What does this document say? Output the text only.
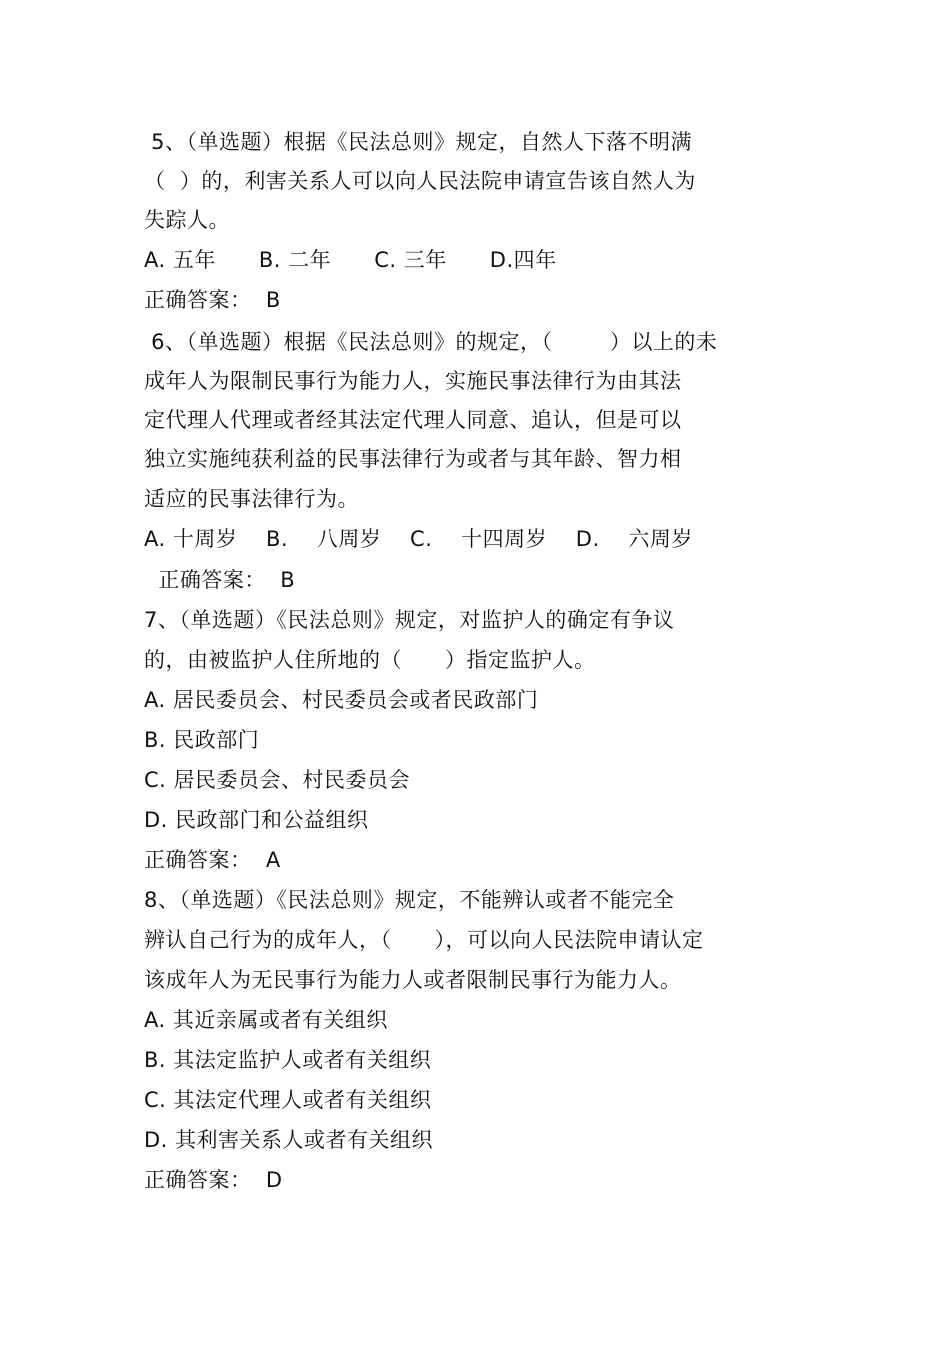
5、（单选题）根据《民法总则》规定，自然人下落不明满
（  ）的，利害关系人可以向人民法院申请宣告该自然人为
失踪人。
A. 五年      B. 二年      C. 三年      D.四年
正确答案：  B
6、（单选题）根据《民法总则》的规定，（        ）以上的未
成年人为限制民事行为能力人，实施民事法律行为由其法
定代理人代理或者经其法定代理人同意、追认，但是可以
独立实施纯获利益的民事法律行为或者与其年龄、智力相
适应的民事法律行为。
A. 十周岁    B.    八周岁    C.    十四周岁    D.    六周岁
正确答案：  B
7、（单选题）《民法总则》规定，对监护人的确定有争议
的，由被监护人住所地的（      ）指定监护人。
A. 居民委员会、村民委员会或者民政部门
B. 民政部门
C. 居民委员会、村民委员会
D. 民政部门和公益组织
正确答案：  A
8、（单选题）《民法总则》规定，不能辨认或者不能完全
辨认自己行为的成年人，（      ），可以向人民法院申请认定
该成年人为无民事行为能力人或者限制民事行为能力人。
A. 其近亲属或者有关组织
B. 其法定监护人或者有关组织
C. 其法定代理人或者有关组织
D. 其利害关系人或者有关组织
正确答案：  D
